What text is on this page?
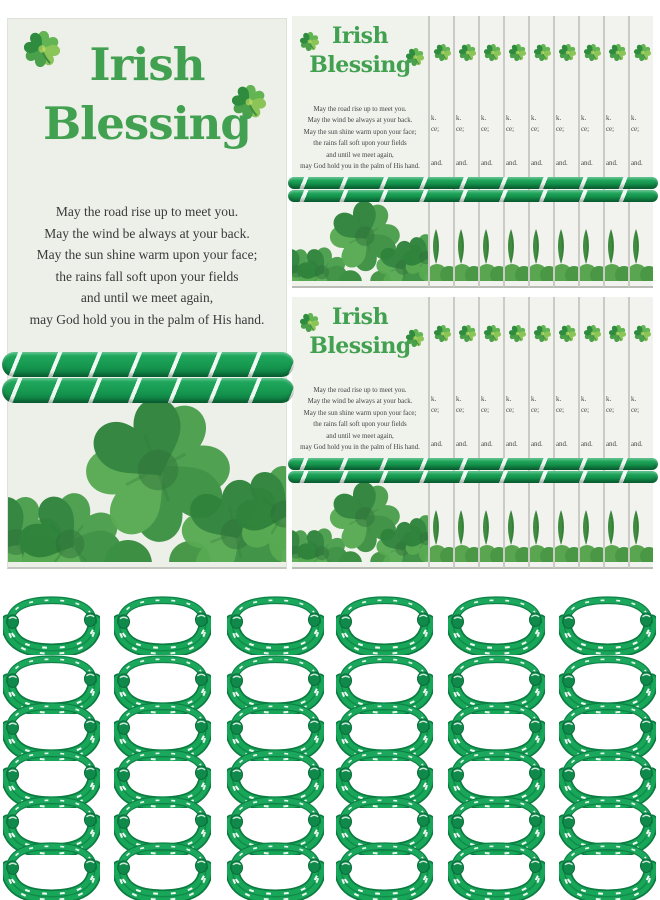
Irish
Blessing
May the road rise up to meet you.
May the wind be always at your back.
May the sun shine warm upon your face;
the rains fall soft upon your fields
and until we meet again,
may God hold you in the palm of His hand.
Irish
Blessing
May the road rise up to meet you.
May the wind be always at your back.
May the sun shine warm upon your face;
the rains fall soft upon your fields
and until we meet again,
may God hold you in the palm of His hand.
k.
ce;
and.
k.
ce;
and.
k.
ce;
and.
k.
ce;
and.
k.
ce;
and.
k.
ce;
and.
k.
ce;
and.
k.
ce;
and.
k.
ce;
and.
Irish
Blessing
May the road rise up to meet you.
May the wind be always at your back.
May the sun shine warm upon your face;
the rains fall soft upon your fields
and until we meet again,
may God hold you in the palm of His hand.
k.
ce;
and.
k.
ce;
and.
k.
ce;
and.
k.
ce;
and.
k.
ce;
and.
k.
ce;
and.
k.
ce;
and.
k.
ce;
and.
k.
ce;
and.
